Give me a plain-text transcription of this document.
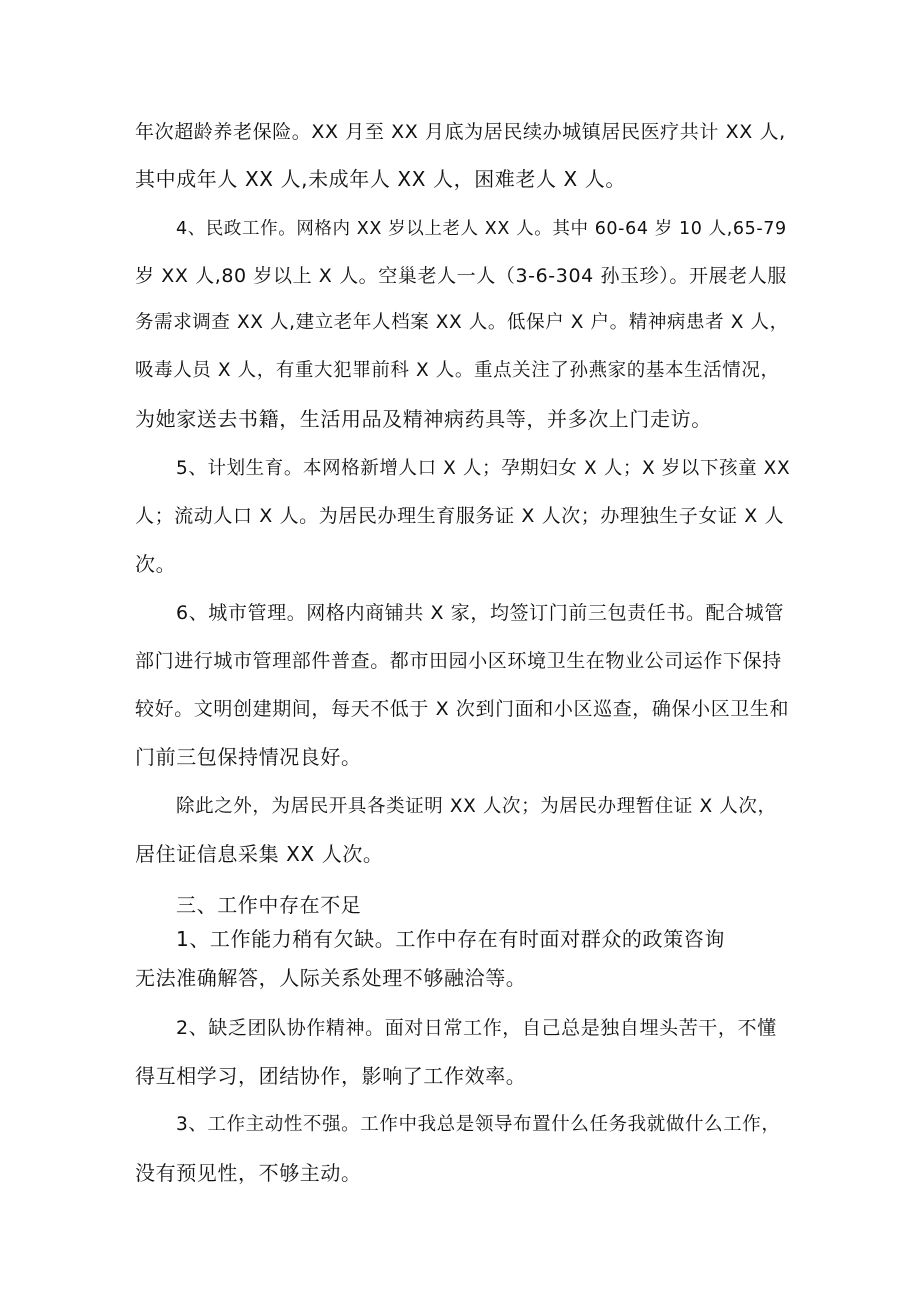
年次超龄养老保险。XX 月至 XX 月底为居民续办城镇居民医疗共计 XX 人,

其中成年人 XX 人,未成年人 XX 人，困难老人 X 人。

4、民政工作。网格内 XX 岁以上老人 XX 人。其中 60-64 岁 10 人,65-79

岁 XX 人,80 岁以上 X 人。空巢老人一人（3-6-304 孙玉珍）。开展老人服

务需求调查 XX 人,建立老年人档案 XX 人。低保户 X 户。精神病患者 X 人，

吸毒人员 X 人，有重大犯罪前科 X 人。重点关注了孙燕家的基本生活情况，

为她家送去书籍，生活用品及精神病药具等，并多次上门走访。

5、计划生育。本网格新增人口 X 人；孕期妇女 X 人；X 岁以下孩童 XX

人；流动人口 X 人。为居民办理生育服务证 X 人次；办理独生子女证 X 人

次。

6、城市管理。网格内商铺共 X 家，均签订门前三包责任书。配合城管

部门进行城市管理部件普查。都市田园小区环境卫生在物业公司运作下保持

较好。文明创建期间，每天不低于 X 次到门面和小区巡查，确保小区卫生和

门前三包保持情况良好。

除此之外，为居民开具各类证明 XX 人次；为居民办理暂住证 X 人次，

居住证信息采集 XX 人次。

三、工作中存在不足

1、工作能力稍有欠缺。工作中存在有时面对群众的政策咨询

无法准确解答，人际关系处理不够融洽等。

2、缺乏团队协作精神。面对日常工作，自己总是独自埋头苦干，不懂

得互相学习，团结协作，影响了工作效率。

3、工作主动性不强。工作中我总是领导布置什么任务我就做什么工作，

没有预见性，不够主动。
